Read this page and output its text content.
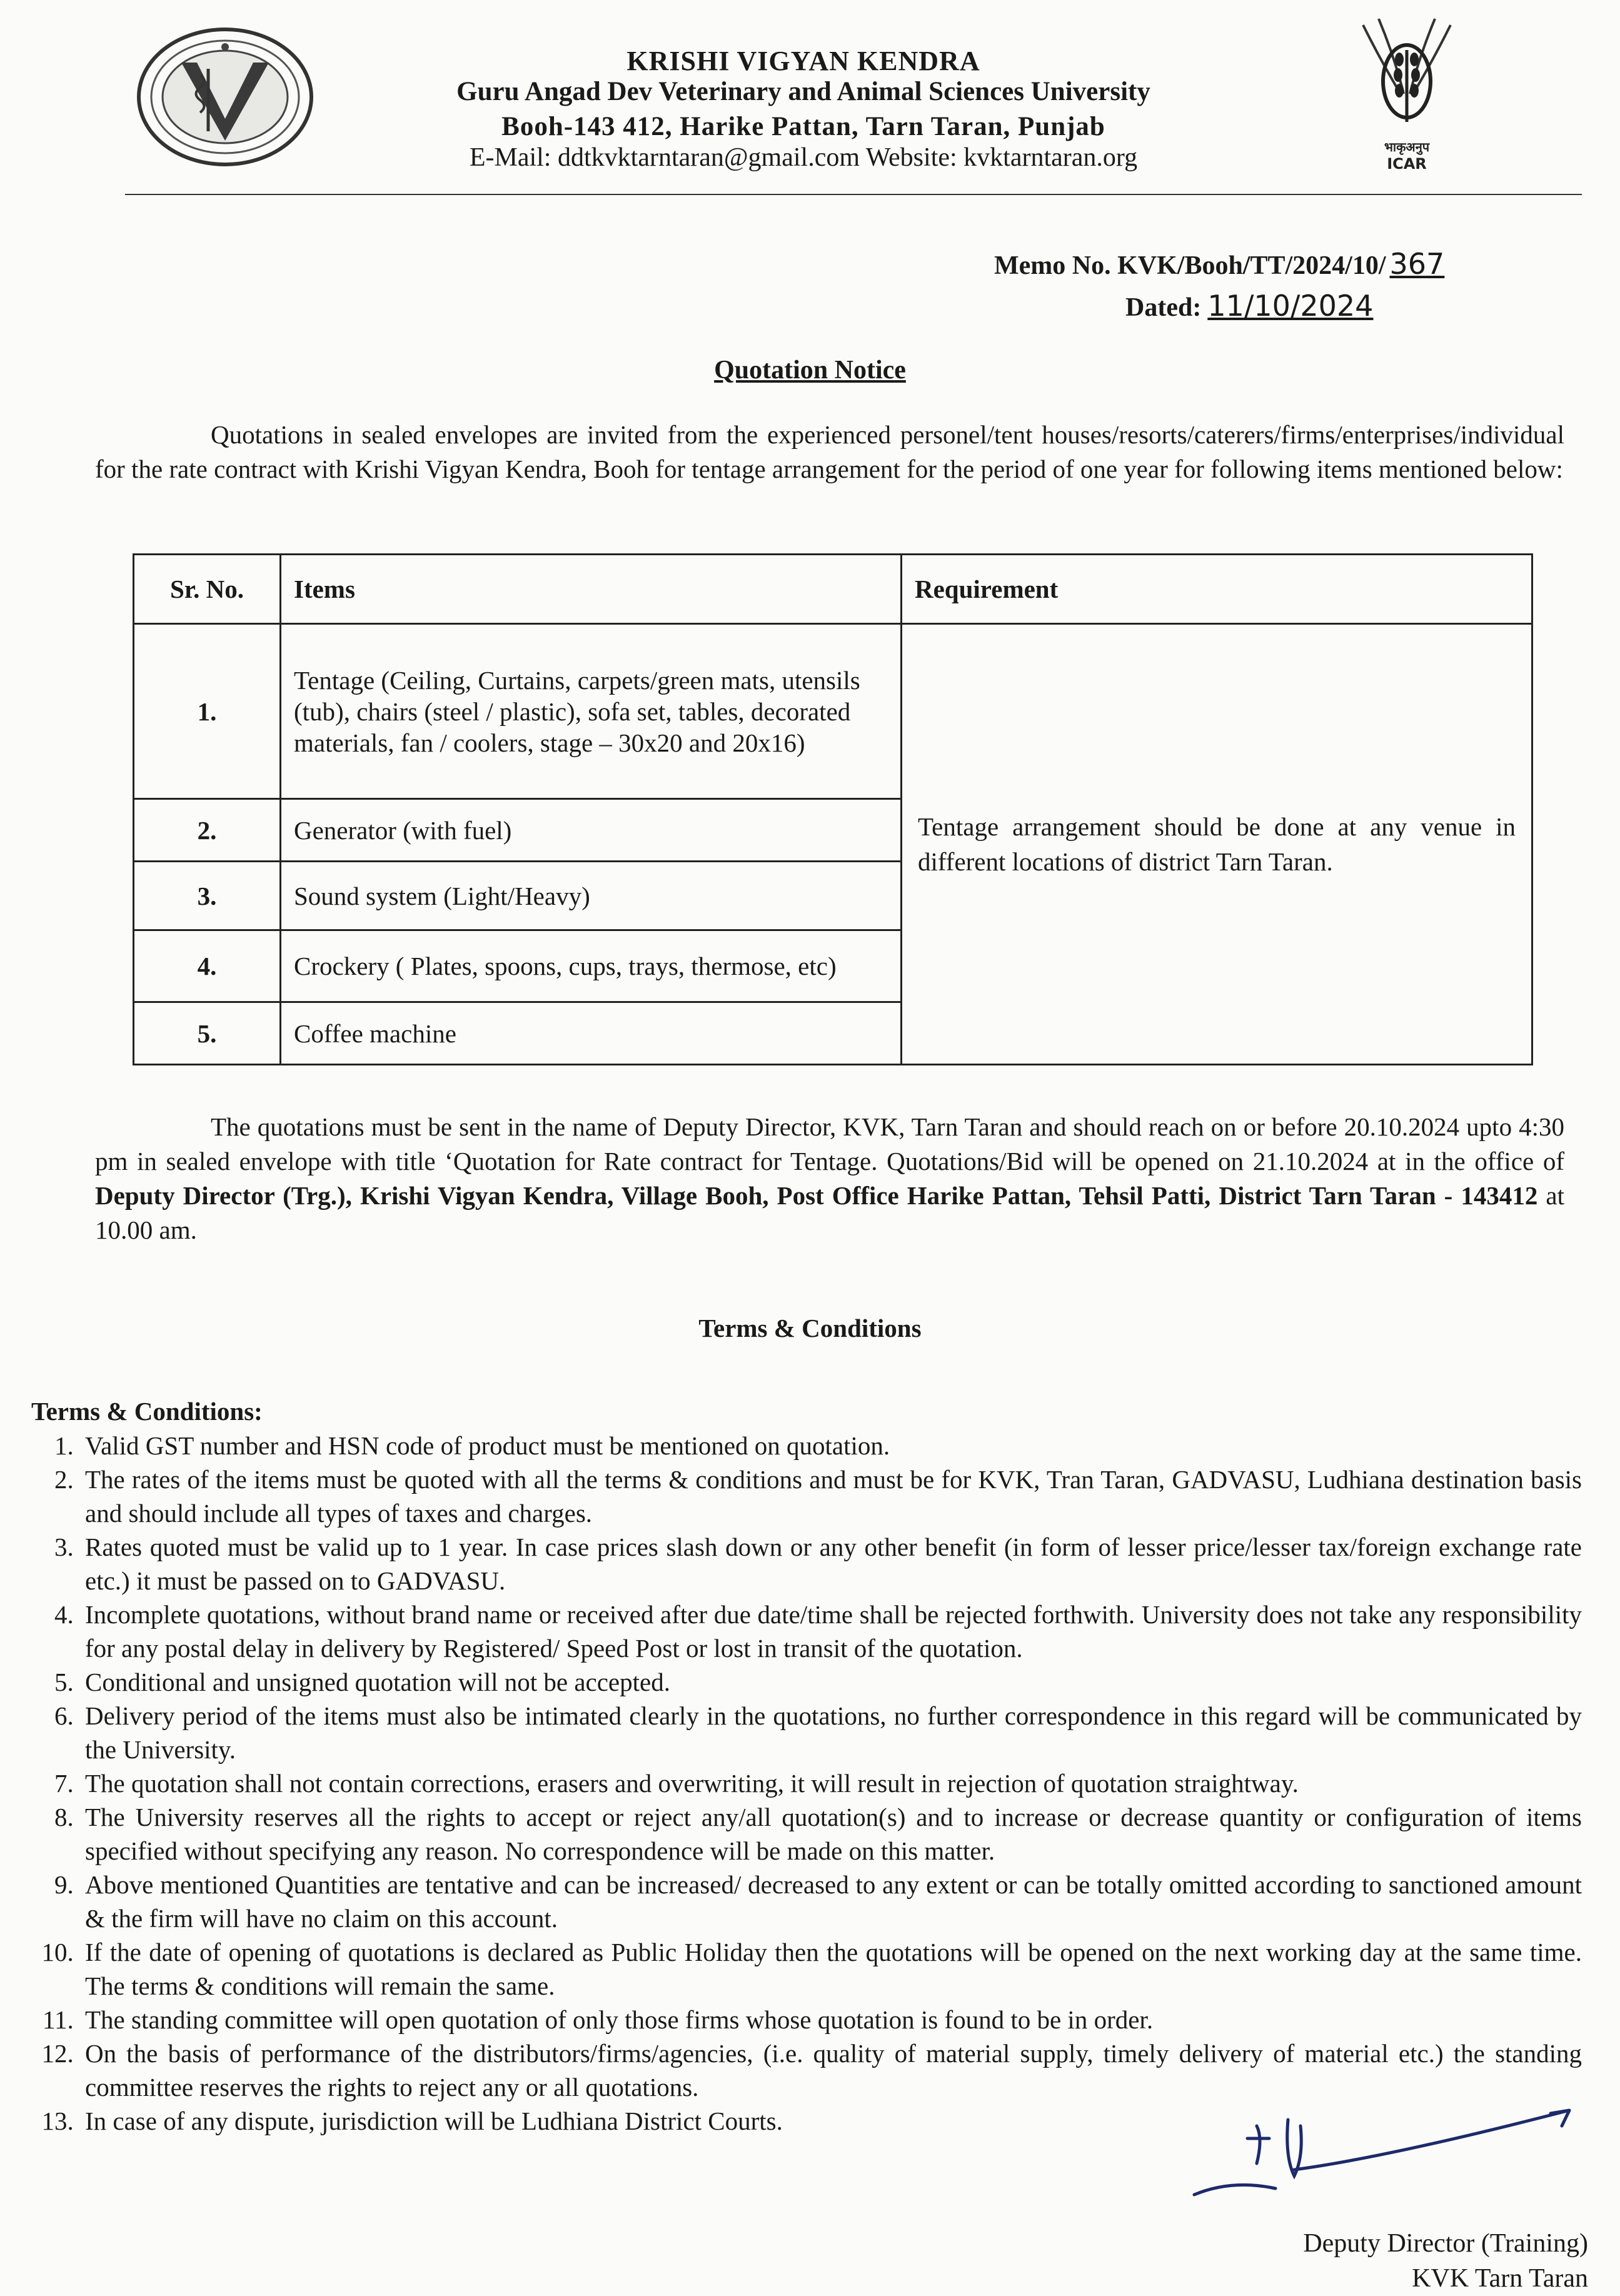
भाकृअनुप
ICAR
KRISHI VIGYAN KENDRA
Guru Angad Dev Veterinary and Animal Sciences University
Booh-143 412, Harike Pattan, Tarn Taran, Punjab
E-Mail: ddtkvktarntaran@gmail.com Website: kvktarntaran.org
Memo No. KVK/Booh/TT/2024/10/ 367
Dated: 11/10/2024
Quotation Notice
Quotations in sealed envelopes are invited from the experienced personel/tent houses/resorts/caterers/firms/enterprises/individual for the rate contract with Krishi Vigyan Kendra, Booh for tentage arrangement for the period of one year for following items mentioned below:
Sr. No.	Items	Requirement
1.	Tentage (Ceiling, Curtains, carpets/green mats, utensils (tub), chairs (steel / plastic), sofa set, tables, decorated materials, fan / coolers, stage – 30x20 and 20x16)	Tentage arrangement should be done at any venue in different locations of district Tarn Taran.
2.	Generator (with fuel)	
3.	Sound system (Light/Heavy)	
4.	Crockery ( Plates, spoons, cups, trays, thermose, etc)	
5.	Coffee machine	
The quotations must be sent in the name of Deputy Director, KVK, Tarn Taran and should reach on or before 20.10.2024 upto 4:30 pm in sealed envelope with title ‘Quotation for Rate contract for Tentage. Quotations/Bid will be opened on 21.10.2024 at in the office of Deputy Director (Trg.), Krishi Vigyan Kendra, Village Booh, Post Office Harike Pattan, Tehsil Patti, District Tarn Taran - 143412 at 10.00 am.
Terms & Conditions
Terms & Conditions:
1. Valid GST number and HSN code of product must be mentioned on quotation.
2. The rates of the items must be quoted with all the terms & conditions and must be for KVK, Tran Taran, GADVASU, Ludhiana destination basis and should include all types of taxes and charges.
3. Rates quoted must be valid up to 1 year. In case prices slash down or any other benefit (in form of lesser price/lesser tax/foreign exchange rate etc.) it must be passed on to GADVASU.
4. Incomplete quotations, without brand name or received after due date/time shall be rejected forthwith. University does not take any responsibility for any postal delay in delivery by Registered/ Speed Post or lost in transit of the quotation.
5. Conditional and unsigned quotation will not be accepted.
6. Delivery period of the items must also be intimated clearly in the quotations, no further correspondence in this regard will be communicated by the University.
7. The quotation shall not contain corrections, erasers and overwriting, it will result in rejection of quotation straightway.
8. The University reserves all the rights to accept or reject any/all quotation(s) and to increase or decrease quantity or configuration of items specified without specifying any reason. No correspondence will be made on this matter.
9. Above mentioned Quantities are tentative and can be increased/ decreased to any extent or can be totally omitted according to sanctioned amount & the firm will have no claim on this account.
10. If the date of opening of quotations is declared as Public Holiday then the quotations will be opened on the next working day at the same time. The terms & conditions will remain the same.
11. The standing committee will open quotation of only those firms whose quotation is found to be in order.
12. On the basis of performance of the distributors/firms/agencies, (i.e. quality of material supply, timely delivery of material etc.) the standing committee reserves the rights to reject any or all quotations.
13. In case of any dispute, jurisdiction will be Ludhiana District Courts.
Deputy Director (Training)
KVK Tarn Taran
